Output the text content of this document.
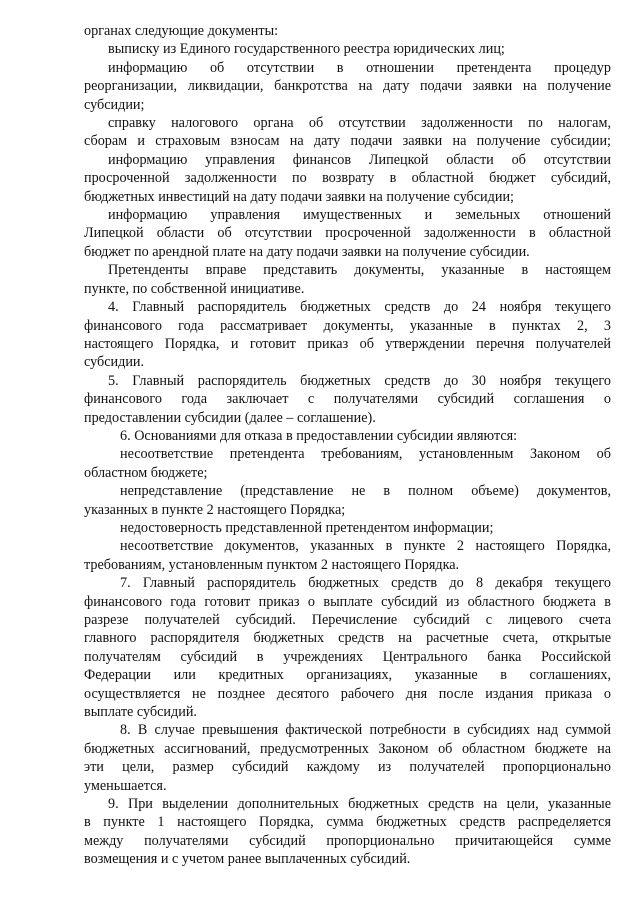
органах следующие документы:

выписку из Единого государственного реестра юридических лиц;

информацию об отсутствии в отношении претендента процедур

реорганизации, ликвидации, банкротства на дату подачи заявки на получение

субсидии;

справку налогового органа об отсутствии задолженности по налогам,

сборам и страховым взносам на дату подачи заявки на получение субсидии;

информацию управления финансов Липецкой области об отсутствии

просроченной задолженности по возврату в областной бюджет субсидий,

бюджетных инвестиций на дату подачи заявки на получение субсидии;

информацию управления имущественных и земельных отношений

Липецкой области об отсутствии просроченной задолженности в областной

бюджет по арендной плате на дату подачи заявки на получение субсидии.

Претенденты вправе представить документы, указанные в настоящем

пункте, по собственной инициативе.

4. Главный распорядитель бюджетных средств до 24 ноября текущего

финансового года рассматривает документы, указанные в пунктах 2, 3

настоящего Порядка, и готовит приказ об утверждении перечня получателей

субсидии.

5. Главный распорядитель бюджетных средств до 30 ноября текущего

финансового года заключает с получателями субсидий соглашения о

предоставлении субсидии (далее – соглашение).

6. Основаниями для отказа в предоставлении субсидии являются:

несоответствие претендента требованиям, установленным Законом об

областном бюджете;

непредставление (представление не в полном объеме) документов,

указанных в пункте 2 настоящего Порядка;

недостоверность представленной претендентом информации;

несоответствие документов, указанных в пункте 2 настоящего Порядка,

требованиям, установленным пунктом 2 настоящего Порядка.

7. Главный распорядитель бюджетных средств до 8 декабря текущего

финансового года готовит приказ о выплате субсидий из областного бюджета в

разрезе получателей субсидий. Перечисление субсидий с лицевого счета

главного распорядителя бюджетных средств на расчетные счета, открытые

получателям субсидий в учреждениях Центрального банка Российской

Федерации или кредитных организациях, указанные в соглашениях,

осуществляется не позднее десятого рабочего дня после издания приказа о

выплате субсидий.

8. В случае превышения фактической потребности в субсидиях над суммой

бюджетных ассигнований, предусмотренных Законом об областном бюджете на

эти цели, размер субсидий каждому из получателей пропорционально

уменьшается.

9. При выделении дополнительных бюджетных средств на цели, указанные

в пункте 1 настоящего Порядка, сумма бюджетных средств распределяется

между получателями субсидий пропорционально причитающейся сумме

возмещения и с учетом ранее выплаченных субсидий.
